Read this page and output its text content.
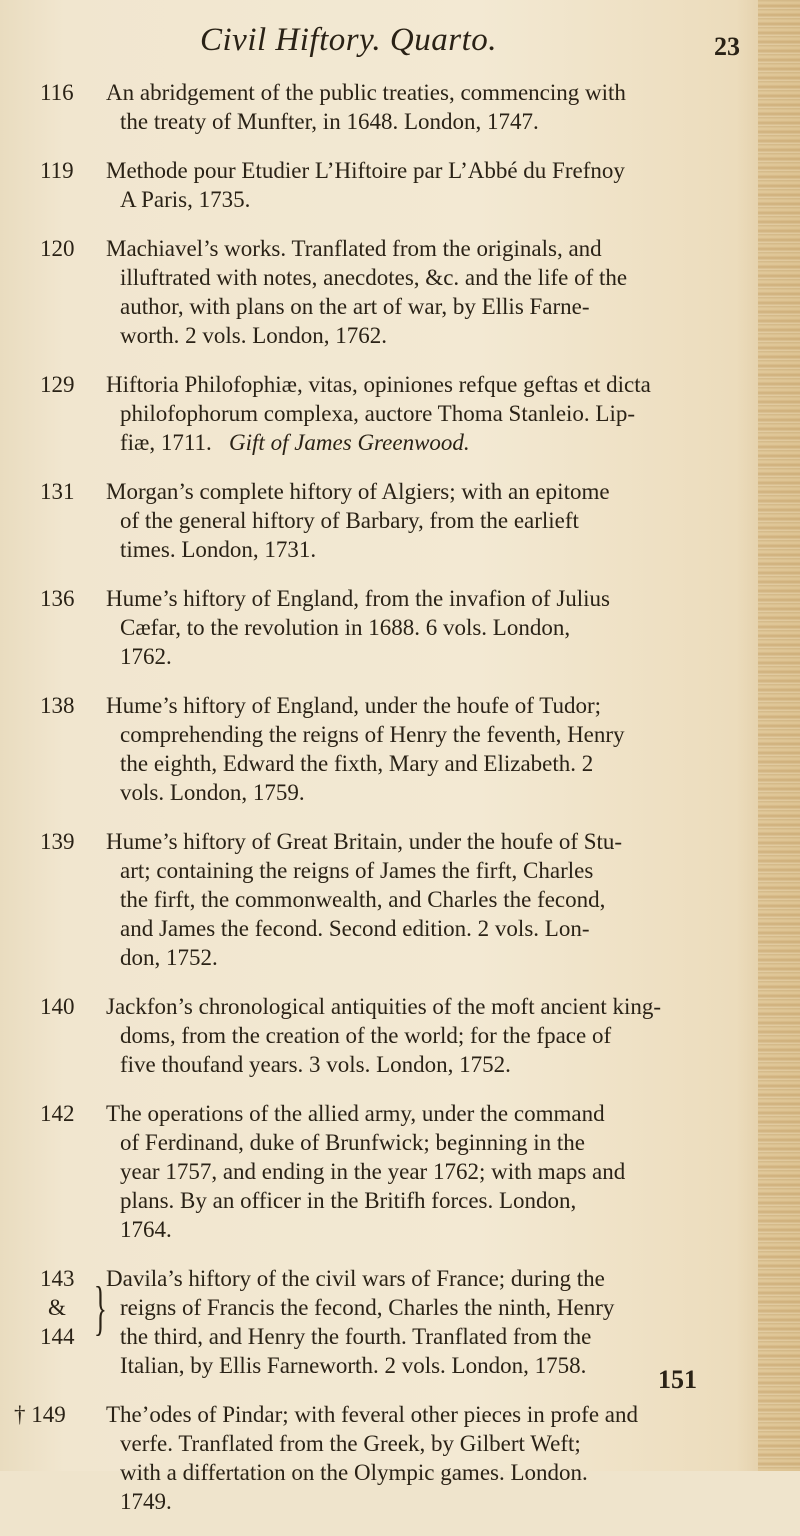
Civil Hiftory. Quarto.	23
116	An abridgement of the public treaties, commencing with
the treaty of Munfter, in 1648. London, 1747.
119	Methode pour Etudier L’Hiftoire par L’Abbé du Frefnoy
A Paris, 1735.
120	Machiavel’s works. Tranflated from the originals, and
illuftrated with notes, anecdotes, &c. and the life of the
author, with plans on the art of war, by Ellis Farne-
worth. 2 vols. London, 1762.
129	Hiftoria Philofophiæ, vitas, opiniones refque geftas et dicta
philofophorum complexa, auctore Thoma Stanleio. Lip-
fiæ, 1711. Gift of James Greenwood.
131	Morgan’s complete hiftory of Algiers; with an epitome
of the general hiftory of Barbary, from the earlieft
times. London, 1731.
136	Hume’s hiftory of England, from the invafion of Julius
Cæfar, to the revolution in 1688. 6 vols. London,
1762.
138	Hume’s hiftory of England, under the houfe of Tudor;
comprehending the reigns of Henry the feventh, Henry
the eighth, Edward the fixth, Mary and Elizabeth. 2
vols. London, 1759.
139	Hume’s hiftory of Great Britain, under the houfe of Stu-
art; containing the reigns of James the firft, Charles
the firft, the commonwealth, and Charles the fecond,
and James the fecond. Second edition. 2 vols. Lon-
don, 1752.
140	Jackfon’s chronological antiquities of the moft ancient king-
doms, from the creation of the world; for the fpace of
five thoufand years. 3 vols. London, 1752.
142	The operations of the allied army, under the command
of Ferdinand, duke of Brunfwick; beginning in the
year 1757, and ending in the year 1762; with maps and
plans. By an officer in the Britifh forces. London,
1764.
143
&
144 } Davila’s hiftory of the civil wars of France; during the
reigns of Francis the fecond, Charles the ninth, Henry
the third, and Henry the fourth. Tranflated from the
Italian, by Ellis Farneworth. 2 vols. London, 1758.
† 149	The’odes of Pindar; with feveral other pieces in profe and
verfe. Tranflated from the Greek, by Gilbert Weft;
with a differtation on the Olympic games. London.
1749.
151
